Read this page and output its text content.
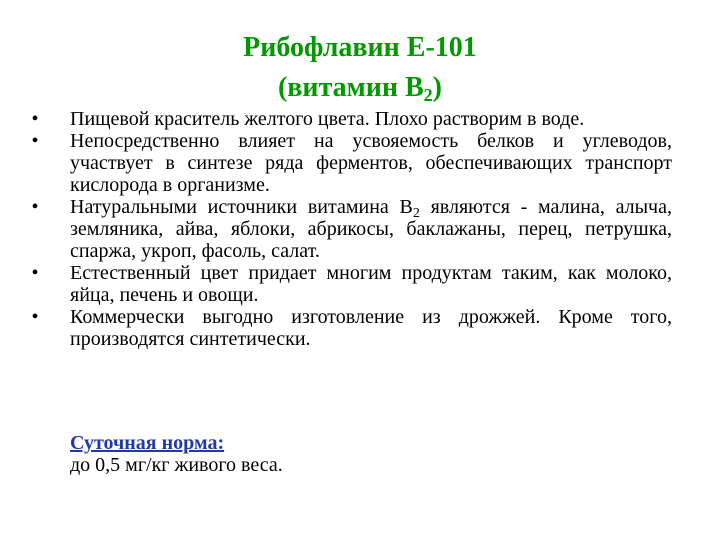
Рибофлавин Е-101
(витамин $В_2$)
• Пищевой краситель желтого цвета. Плохо растворим в воде.
• Непосредственно влияет на усвояемость белков и углеводов, участвует в синтезе ряда ферментов, обеспечивающих транспорт кислорода в организме.
• Натуральными источники витамина $В_2$ являются - малина, алыча, земляника, айва, яблоки, абрикосы, баклажаны, перец, петрушка, спаржа, укроп, фасоль, салат.
• Естественный цвет придает многим продуктам таким, как молоко, яйца, печень и овощи.
• Коммерчески выгодно изготовление из дрожжей. Кроме того, производятся синтетически.
Суточная норма:
до 0,5 мг/кг живого веса.
